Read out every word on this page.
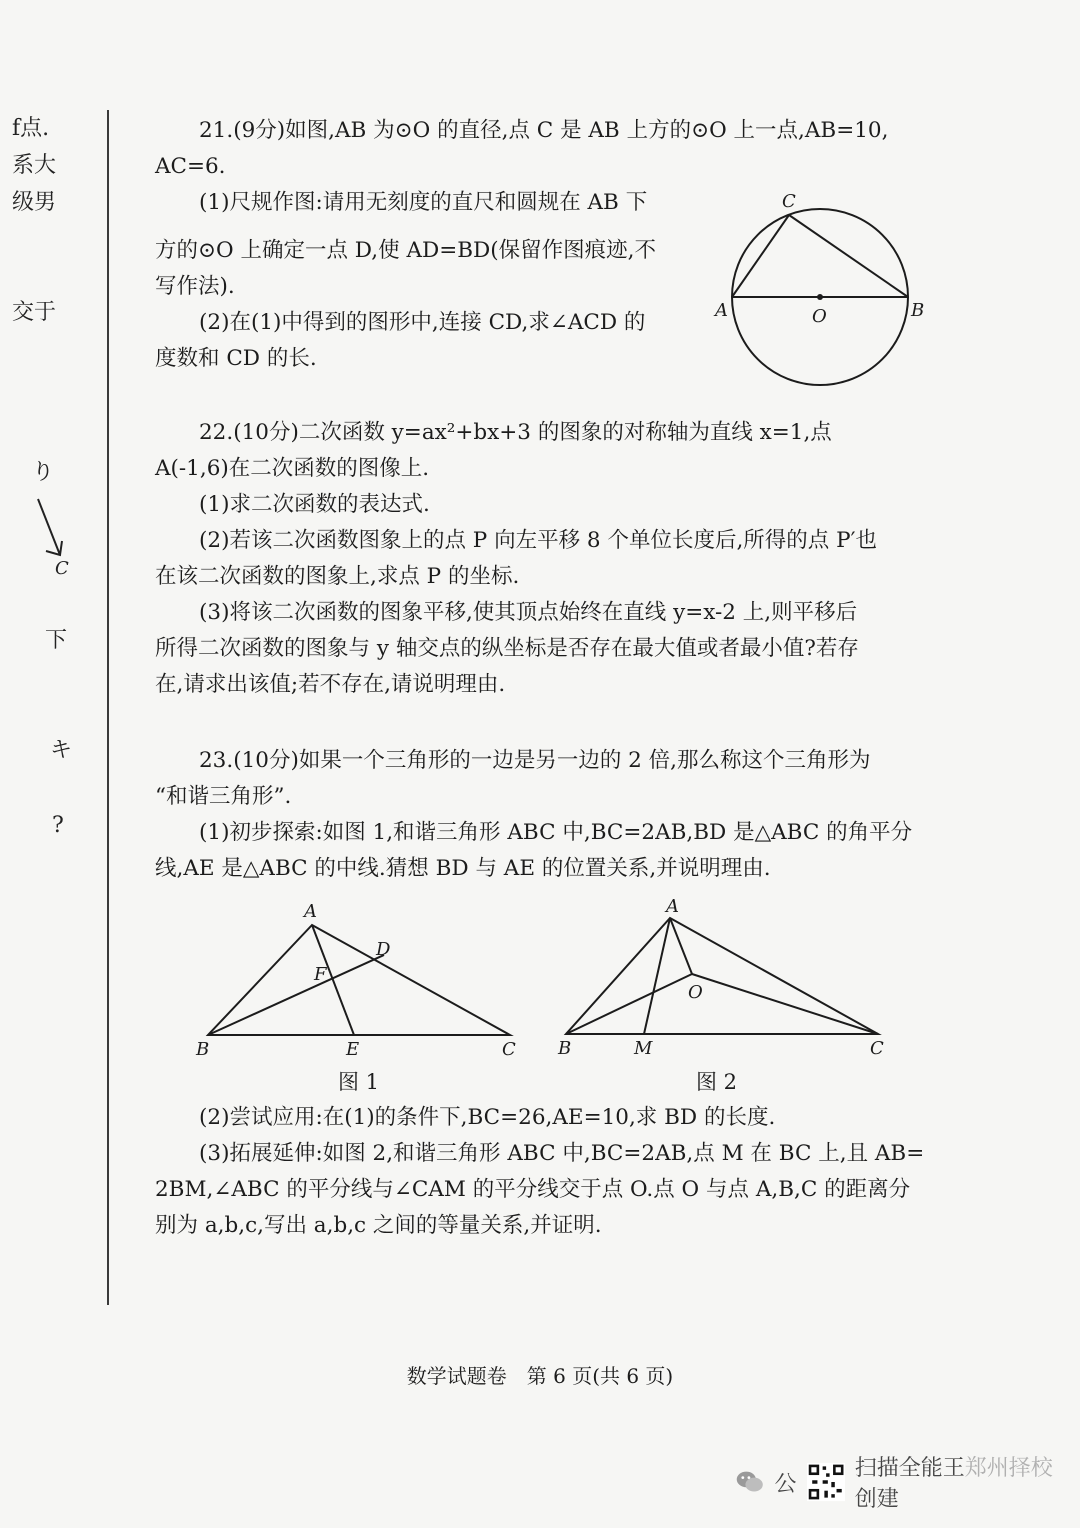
f点.
系大
级男
交于
り
C
下
キ
?

21.(9分)如图,AB 为⊙O 的直径,点 C 是 AB 上方的⊙O 上一点,AB=10,

AC=6.

(1)尺规作图:请用无刻度的直尺和圆规在 AB 下

方的⊙O 上确定一点 D,使 AD=BD(保留作图痕迹,不

写作法).

(2)在(1)中得到的图形中,连接 CD,求∠ACD 的

度数和 CD 的长.

C
A	O	B

22.(10分)二次函数 y=ax²+bx+3 的图象的对称轴为直线 x=1,点

A(-1,6)在二次函数的图像上.

(1)求二次函数的表达式.

(2)若该二次函数图象上的点 P 向左平移 8 个单位长度后,所得的点 P′也

在该二次函数的图象上,求点 P 的坐标.

(3)将该二次函数的图象平移,使其顶点始终在直线 y=x-2 上,则平移后

所得二次函数的图象与 y 轴交点的纵坐标是否存在最大值或者最小值?若存

在,请求出该值;若不存在,请说明理由.

23.(10分)如果一个三角形的一边是另一边的 2 倍,那么称这个三角形为

“和谐三角形”.

(1)初步探索:如图 1,和谐三角形 ABC 中,BC=2AB,BD 是△ABC 的角平分

线,AE 是△ABC 的中线.猜想 BD 与 AE 的位置关系,并说明理由.

A
D
F
B	E	C
图 1
A
O
B	M	C
图 2

(2)尝试应用:在(1)的条件下,BC=26,AE=10,求 BD 的长度.

(3)拓展延伸:如图 2,和谐三角形 ABC 中,BC=2AB,点 M 在 BC 上,且 AB=

2BM,∠ABC 的平分线与∠CAM 的平分线交于点 O.点 O 与点 A,B,C 的距离分

别为 a,b,c,写出 a,b,c 之间的等量关系,并证明.

数学试题卷　第 6 页(共 6 页)
公
扫描全能王郑州择校创建
